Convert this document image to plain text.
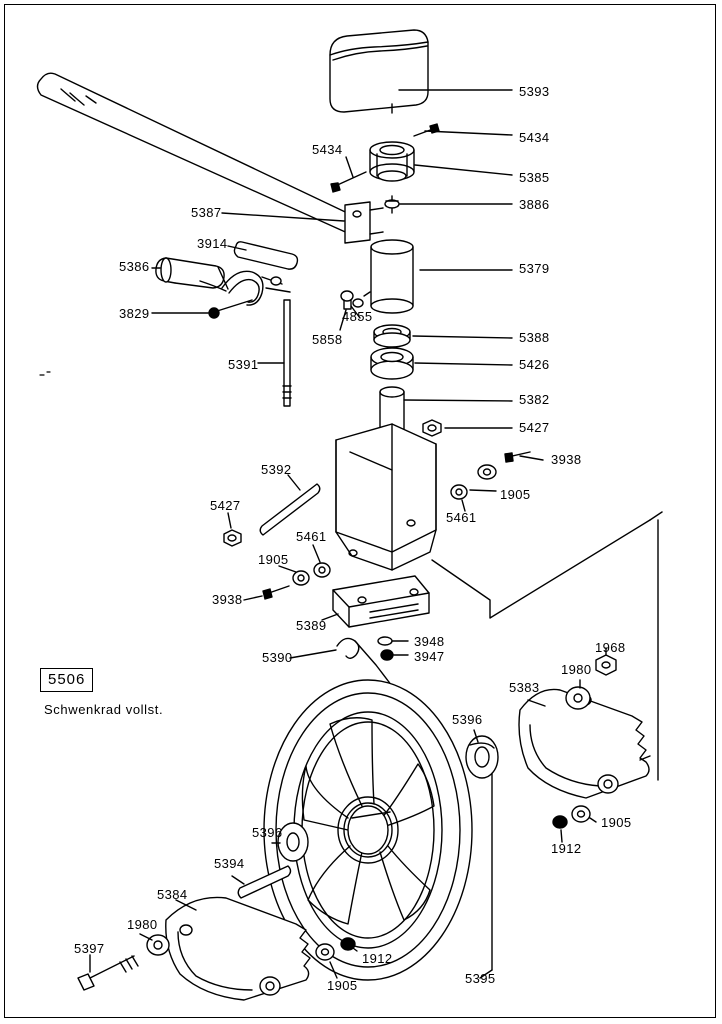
5393
5434
5434
5385
3886
5387
3914
5386	5379
3829	4855
5858	5388
5391	5426
5382
5427
3938
5392
1905
5427
5461
5461
1905
3938
5389
3948	1968
5390	3947
1980
5383
5396
1905
5396
1912
5394
5384
1980
5397
1912
5395
1905
5506
Schwenkrad vollst.
